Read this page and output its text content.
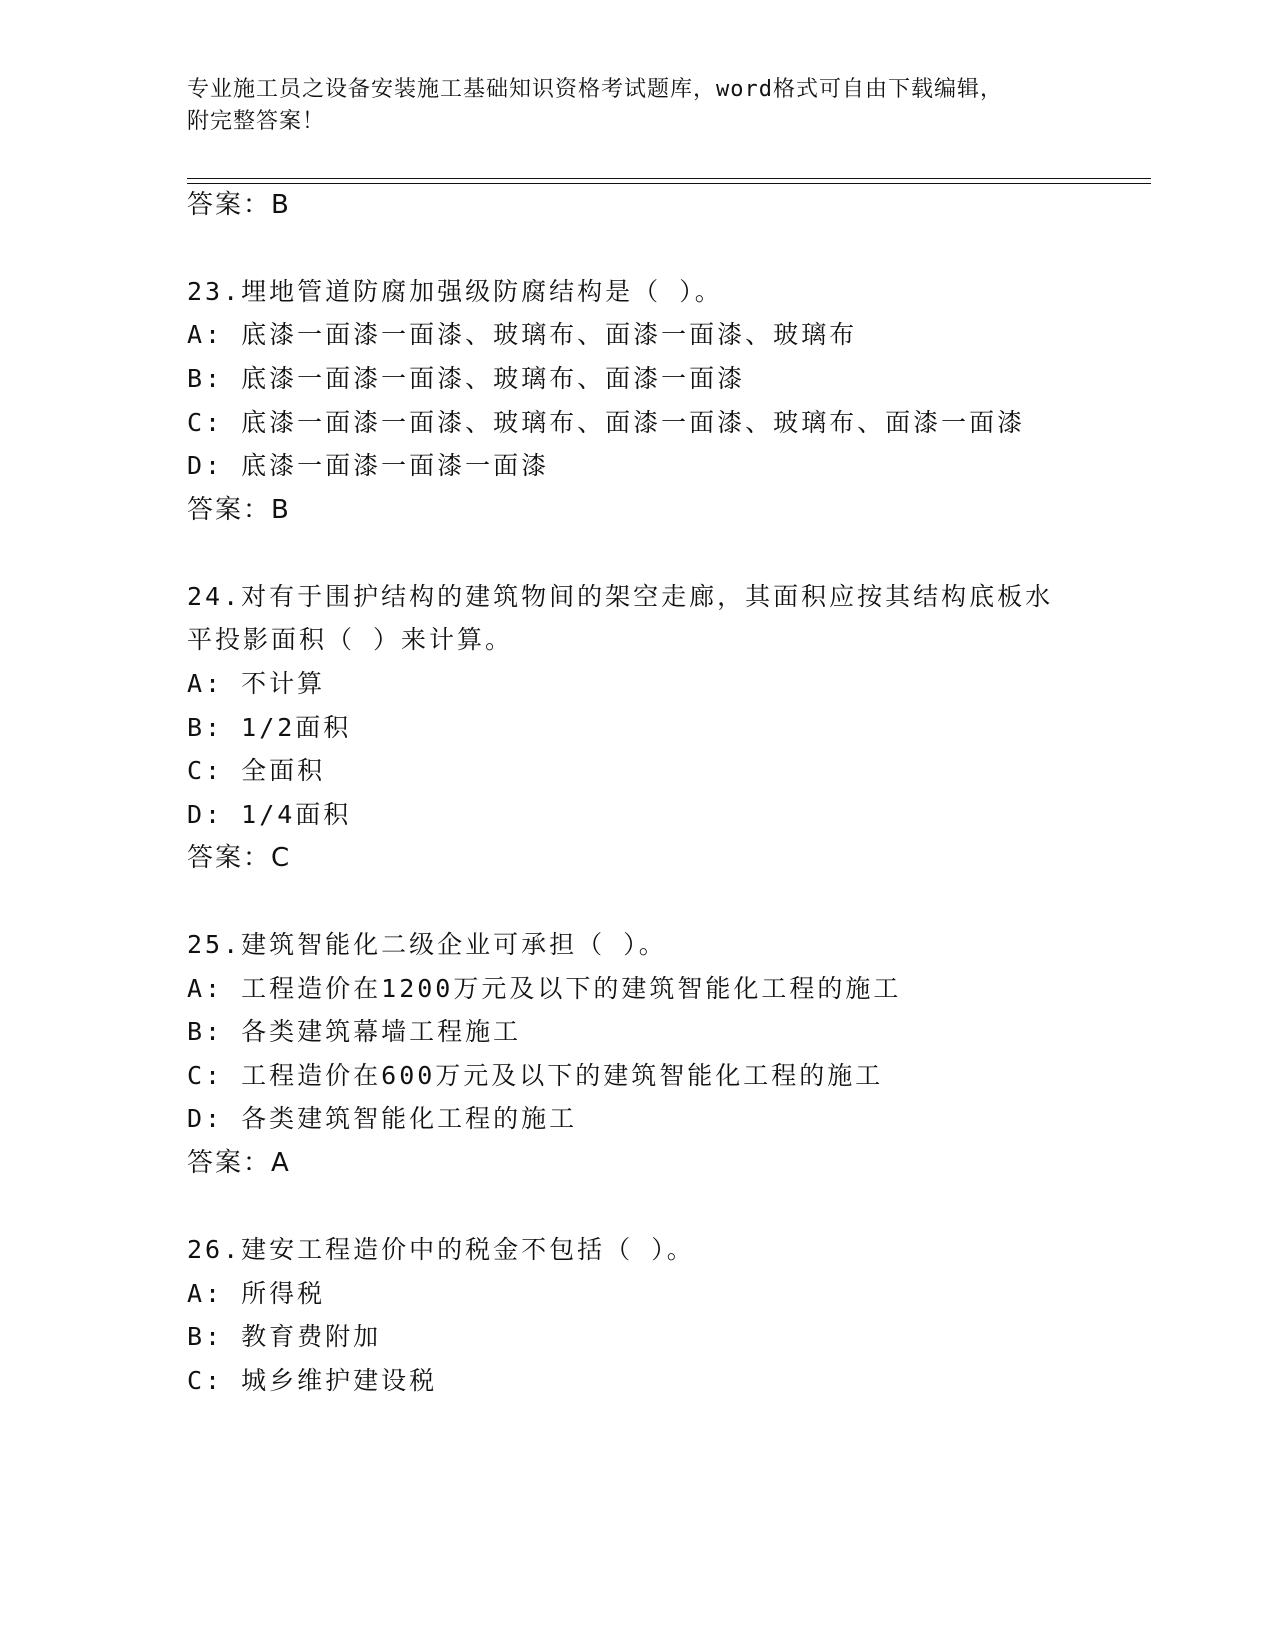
专业施工员之设备安装施工基础知识资格考试题库，word格式可自由下载编辑，
附完整答案！
答案：B
23.埋地管道防腐加强级防腐结构是（ ）。
A: 底漆一面漆一面漆、玻璃布、面漆一面漆、玻璃布
B: 底漆一面漆一面漆、玻璃布、面漆一面漆
C: 底漆一面漆一面漆、玻璃布、面漆一面漆、玻璃布、面漆一面漆
D: 底漆一面漆一面漆一面漆
答案：B
24.对有于围护结构的建筑物间的架空走廊，其面积应按其结构底板水
平投影面积（ ）来计算。
A: 不计算
B: 1/2面积
C: 全面积
D: 1/4面积
答案：C
25.建筑智能化二级企业可承担（ ）。
A: 工程造价在1200万元及以下的建筑智能化工程的施工
B: 各类建筑幕墙工程施工
C: 工程造价在600万元及以下的建筑智能化工程的施工
D: 各类建筑智能化工程的施工
答案：A
26.建安工程造价中的税金不包括（ ）。
A: 所得税
B: 教育费附加
C: 城乡维护建设税
